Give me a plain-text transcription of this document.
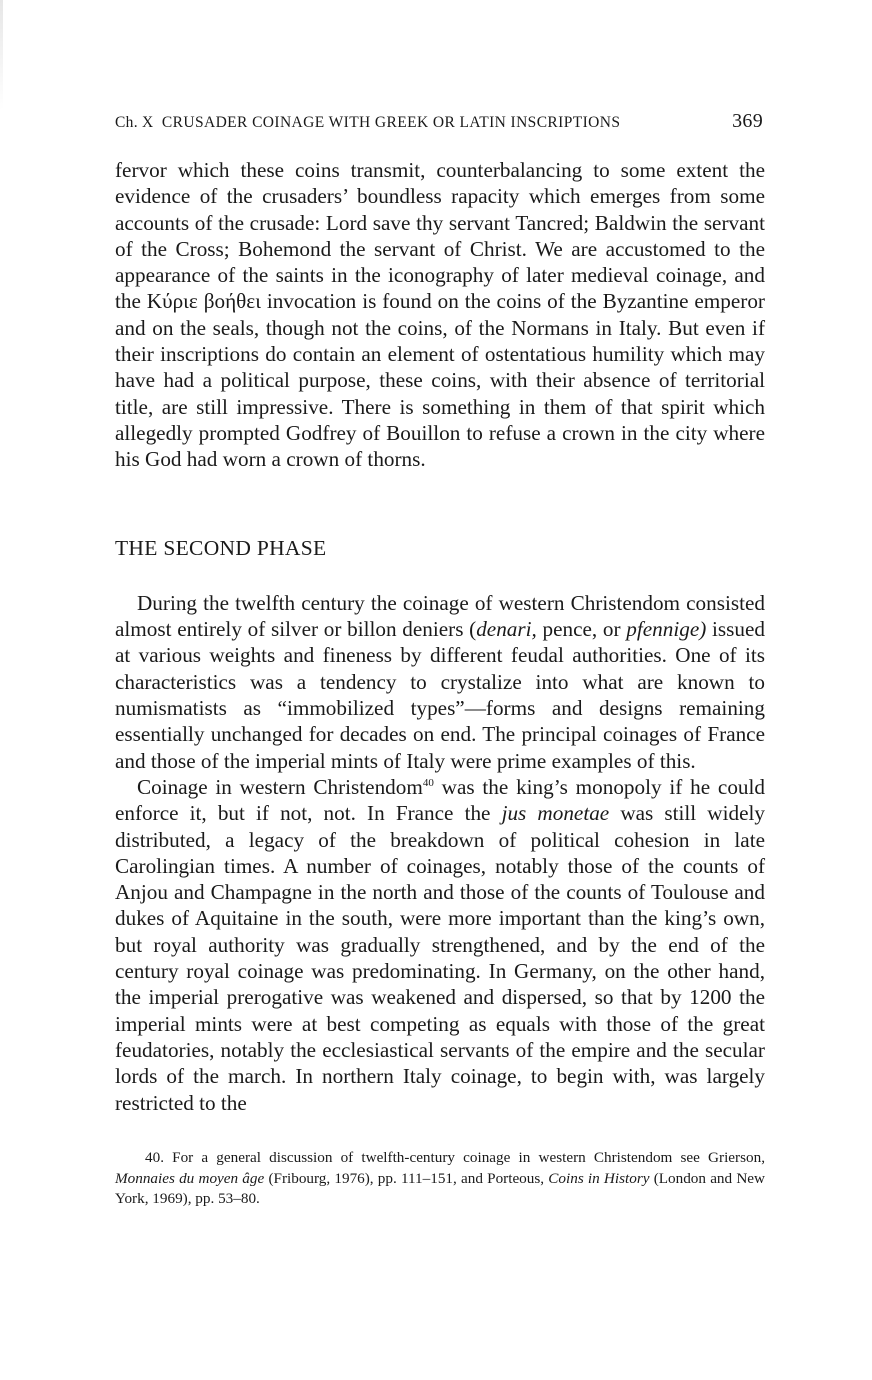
Ch. X CRUSADER COINAGE WITH GREEK OR LATIN INSCRIPTIONS	369

fervor which these coins transmit, counterbalancing to some extent the evidence of the crusaders’ boundless rapacity which emerges from some accounts of the crusade: Lord save thy servant Tancred; Baldwin the servant of the Cross; Bohemond the servant of Christ. We are accustomed to the appearance of the saints in the iconography of later medieval coinage, and the Κύριε βοήθει invocation is found on the coins of the Byzantine emperor and on the seals, though not the coins, of the Normans in Italy. But even if their inscriptions do contain an element of ostentatious humility which may have had a political purpose, these coins, with their absence of territorial title, are still impressive. There is something in them of that spirit which allegedly prompted Godfrey of Bouillon to refuse a crown in the city where his God had worn a crown of thorns.

THE SECOND PHASE

During the twelfth century the coinage of western Christendom consisted almost entirely of silver or billon deniers (denari, pence, or pfennige) issued at various weights and fineness by different feudal authorities. One of its characteristics was a tendency to crystalize into what are known to numismatists as “immobilized types”—forms and designs remaining essentially unchanged for decades on end. The principal coinages of France and those of the imperial mints of Italy were prime examples of this.

Coinage in western Christendom$^{40}$ was the king’s monopoly if he could enforce it, but if not, not. In France the jus monetae was still widely distributed, a legacy of the breakdown of political cohesion in late Carolingian times. A number of coinages, notably those of the counts of Anjou and Champagne in the north and those of the counts of Toulouse and dukes of Aquitaine in the south, were more important than the king’s own, but royal authority was gradually strengthened, and by the end of the century royal coinage was predominating. In Germany, on the other hand, the imperial prerogative was weakened and dispersed, so that by 1200 the imperial mints were at best competing as equals with those of the great feudatories, notably the ecclesiastical servants of the empire and the secular lords of the march. In northern Italy coinage, to begin with, was largely restricted to the

40. For a general discussion of twelfth-century coinage in western Christendom see Grierson, Monnaies du moyen âge (Fribourg, 1976), pp. 111–151, and Porteous, Coins in History (London and New York, 1969), pp. 53–80.
